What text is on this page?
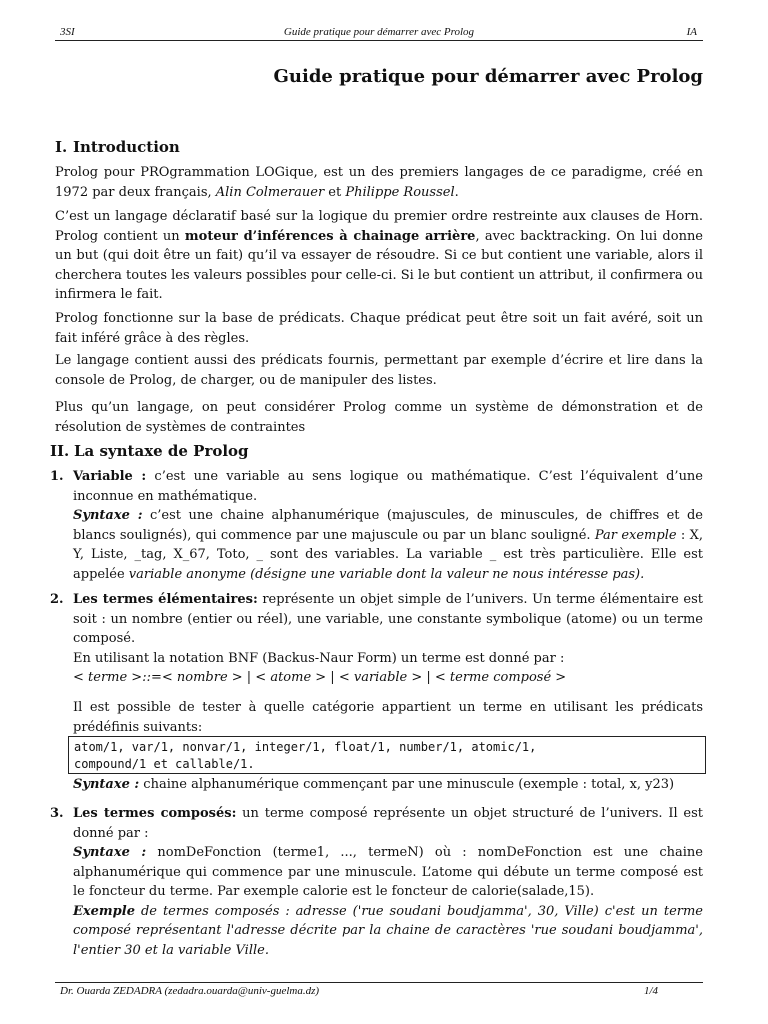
3SI	Guide pratique pour démarrer avec Prolog	IA
Guide pratique pour démarrer avec Prolog
I. Introduction
Prolog pour PROgrammation LOGique, est un des premiers langages de ce paradigme, créé en 1972 par deux français, Alin Colmerauer et Philippe Roussel.
C’est un langage déclaratif basé sur la logique du premier ordre restreinte aux clauses de Horn. Prolog contient un moteur d’inférences à chainage arrière, avec backtracking. On lui donne un but (qui doit être un fait) qu’il va essayer de résoudre. Si ce but contient une variable, alors il cherchera toutes les valeurs possibles pour celle-ci. Si le but contient un attribut, il confirmera ou infirmera le fait.
Prolog fonctionne sur la base de prédicats. Chaque prédicat peut être soit un fait avéré, soit un fait inféré grâce à des règles.
Le langage contient aussi des prédicats fournis, permettant par exemple d’écrire et lire dans la console de Prolog, de charger, ou de manipuler des listes.
Plus qu’un langage, on peut considérer Prolog comme un système de démonstration et de résolution de systèmes de contraintes
II. La syntaxe de Prolog
1. Variable : c’est une variable au sens logique ou mathématique. C’est l’équivalent d’une inconnue en mathématique.
Syntaxe : c’est une chaine alphanumérique (majuscules, de minuscules, de chiffres et de blancs soulignés), qui commence par une majuscule ou par un blanc souligné. Par exemple : X, Y, Liste, _tag, X_67, Toto, _ sont des variables. La variable _ est très particulière. Elle est appelée variable anonyme (désigne une variable dont la valeur ne nous intéresse pas).
2. Les termes élémentaires: représente un objet simple de l’univers. Un terme élémentaire est soit : un nombre (entier ou réel), une variable, une constante symbolique (atome) ou un terme composé.
En utilisant la notation BNF (Backus-Naur Form) un terme est donné par :
< terme >::=< nombre > | < atome > | < variable > | < terme composé >
Il est possible de tester à quelle catégorie appartient un terme en utilisant les prédicats prédéfinis suivants:
atom/1, var/1, nonvar/1, integer/1, float/1, number/1, atomic/1,
compound/1 et callable/1.
Syntaxe : chaine alphanumérique commençant par une minuscule (exemple : total, x, y23)
3. Les termes composés: un terme composé représente un objet structuré de l’univers. Il est donné par :
Syntaxe : nomDeFonction (terme1, ..., termeN) où : nomDeFonction est une chaine alphanumérique qui commence par une minuscule. L’atome qui débute un terme composé est le foncteur du terme. Par exemple calorie est le foncteur de calorie(salade,15).
Exemple de termes composés : adresse ('rue soudani boudjamma', 30, Ville) c'est un terme composé représentant l'adresse décrite par la chaine de caractères 'rue soudani boudjamma', l'entier 30 et la variable Ville.
Dr. Ouarda ZEDADRA (zedadra.ouarda@univ-guelma.dz)	1/4
